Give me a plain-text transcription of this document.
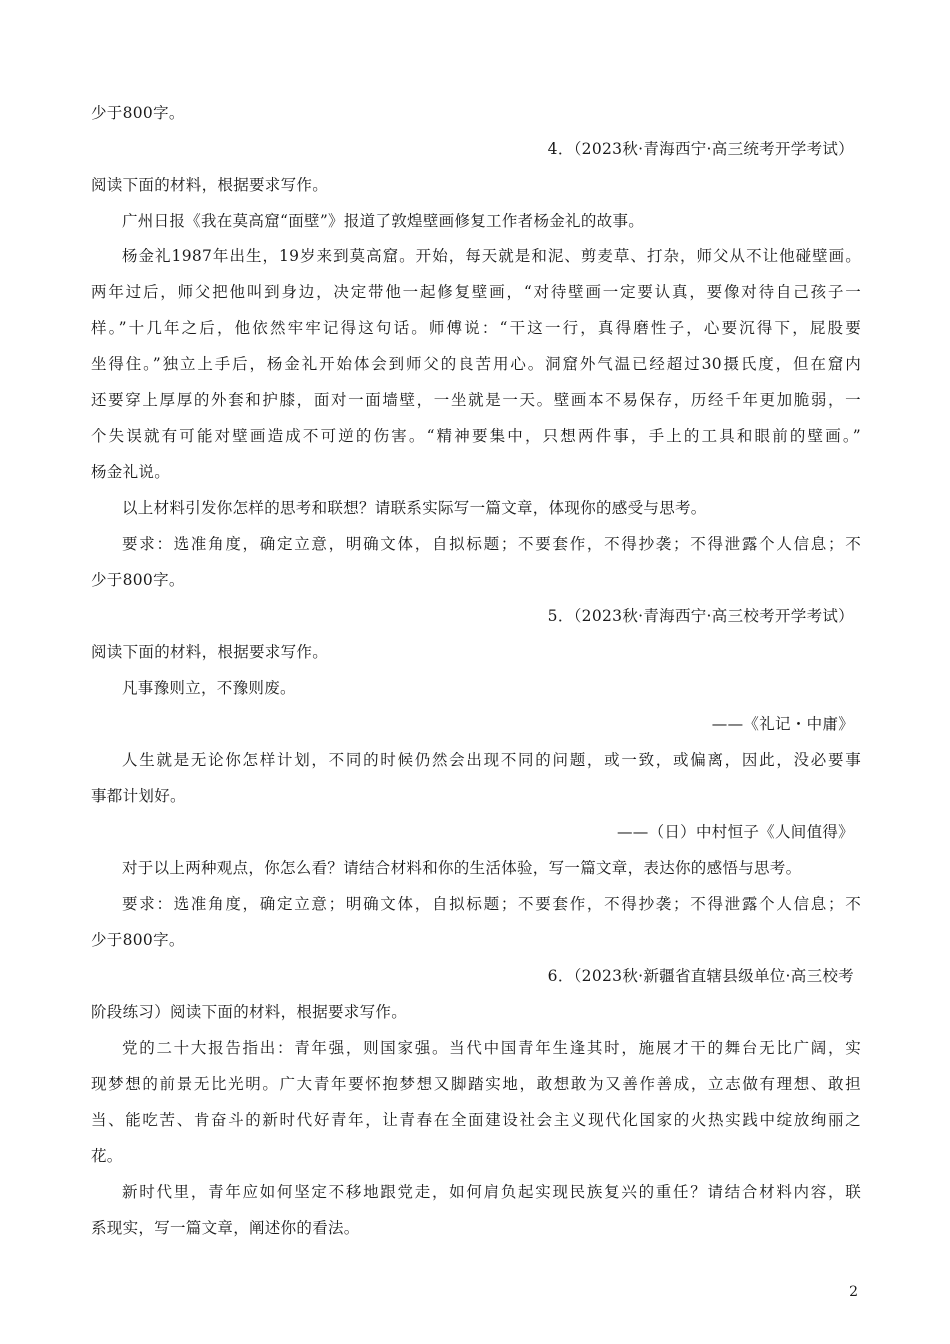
少于800字。
4．（2023秋·青海西宁·高三统考开学考试）
阅读下面的材料，根据要求写作。
广州日报《我在莫高窟“面壁”》报道了敦煌壁画修复工作者杨金礼的故事。
杨金礼1987年出生，19岁来到莫高窟。开始，每天就是和泥、剪麦草、打杂，师父从不让他碰壁画。
两年过后，师父把他叫到身边，决定带他一起修复壁画，“对待壁画一定要认真，要像对待自己孩子一
样。”十几年之后，他依然牢牢记得这句话。师傅说：“干这一行，真得磨性子，心要沉得下，屁股要
坐得住。”独立上手后，杨金礼开始体会到师父的良苦用心。洞窟外气温已经超过30摄氏度，但在窟内
还要穿上厚厚的外套和护膝，面对一面墙壁，一坐就是一天。壁画本不易保存，历经千年更加脆弱，一
个失误就有可能对壁画造成不可逆的伤害。“精神要集中，只想两件事，手上的工具和眼前的壁画。”
杨金礼说。
以上材料引发你怎样的思考和联想？请联系实际写一篇文章，体现你的感受与思考。
要求：选准角度，确定立意，明确文体，自拟标题；不要套作，不得抄袭；不得泄露个人信息；不
少于800字。
5．（2023秋·青海西宁·高三校考开学考试）
阅读下面的材料，根据要求写作。
凡事豫则立，不豫则废。
——《礼记・中庸》
人生就是无论你怎样计划，不同的时候仍然会出现不同的问题，或一致，或偏离，因此，没必要事
事都计划好。
——（日）中村恒子《人间值得》
对于以上两种观点，你怎么看？请结合材料和你的生活体验，写一篇文章，表达你的感悟与思考。
要求：选准角度，确定立意；明确文体，自拟标题；不要套作，不得抄袭；不得泄露个人信息；不
少于800字。
6．（2023秋·新疆省直辖县级单位·高三校考
阶段练习）阅读下面的材料，根据要求写作。
党的二十大报告指出：青年强，则国家强。当代中国青年生逢其时，施展才干的舞台无比广阔，实
现梦想的前景无比光明。广大青年要怀抱梦想又脚踏实地，敢想敢为又善作善成，立志做有理想、敢担
当、能吃苦、肯奋斗的新时代好青年，让青春在全面建设社会主义现代化国家的火热实践中绽放绚丽之
花。
新时代里，青年应如何坚定不移地跟党走，如何肩负起实现民族复兴的重任？请结合材料内容，联
系现实，写一篇文章，阐述你的看法。
2
